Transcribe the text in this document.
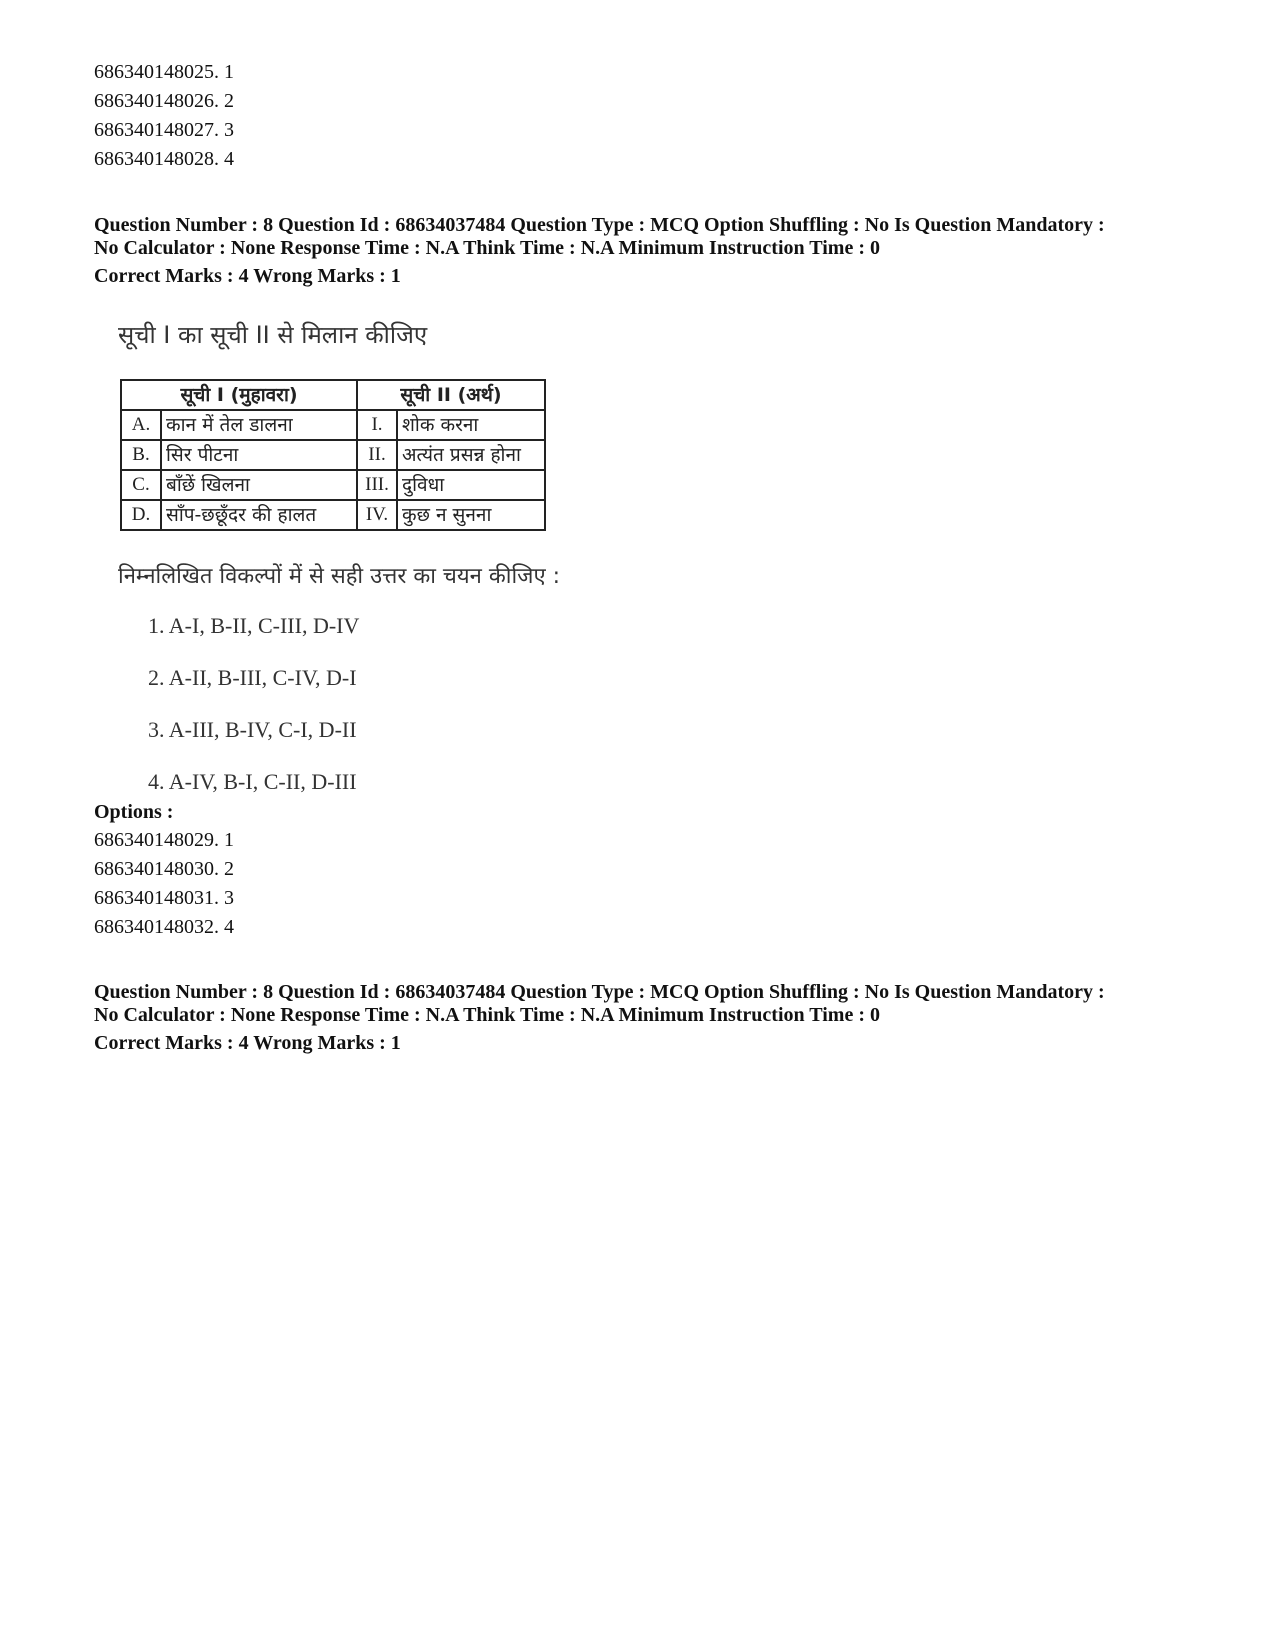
686340148025. 1
686340148026. 2
686340148027. 3
686340148028. 4
Question Number : 8 Question Id : 68634037484 Question Type : MCQ Option Shuffling : No Is Question Mandatory :
No Calculator : None Response Time : N.A Think Time : N.A Minimum Instruction Time : 0
Correct Marks : 4 Wrong Marks : 1
सूची I का सूची II से मिलान कीजिए
सूची I (मुहावरा)		सूची II (अर्थ)	
A.	कान में तेल डालना	I.	शोक करना
B.	सिर पीटना	II.	अत्यंत प्रसन्न होना
C.	बाँछें खिलना	III.	दुविधा
D.	साँप-छछूँदर की हालत	IV.	कुछ न सुनना
निम्नलिखित विकल्पों में से सही उत्तर का चयन कीजिए :
1. A-I, B-II, C-III, D-IV
2. A-II, B-III, C-IV, D-I
3. A-III, B-IV, C-I, D-II
4. A-IV, B-I, C-II, D-III
Options :
686340148029. 1
686340148030. 2
686340148031. 3
686340148032. 4
Question Number : 8 Question Id : 68634037484 Question Type : MCQ Option Shuffling : No Is Question Mandatory :
No Calculator : None Response Time : N.A Think Time : N.A Minimum Instruction Time : 0
Correct Marks : 4 Wrong Marks : 1
